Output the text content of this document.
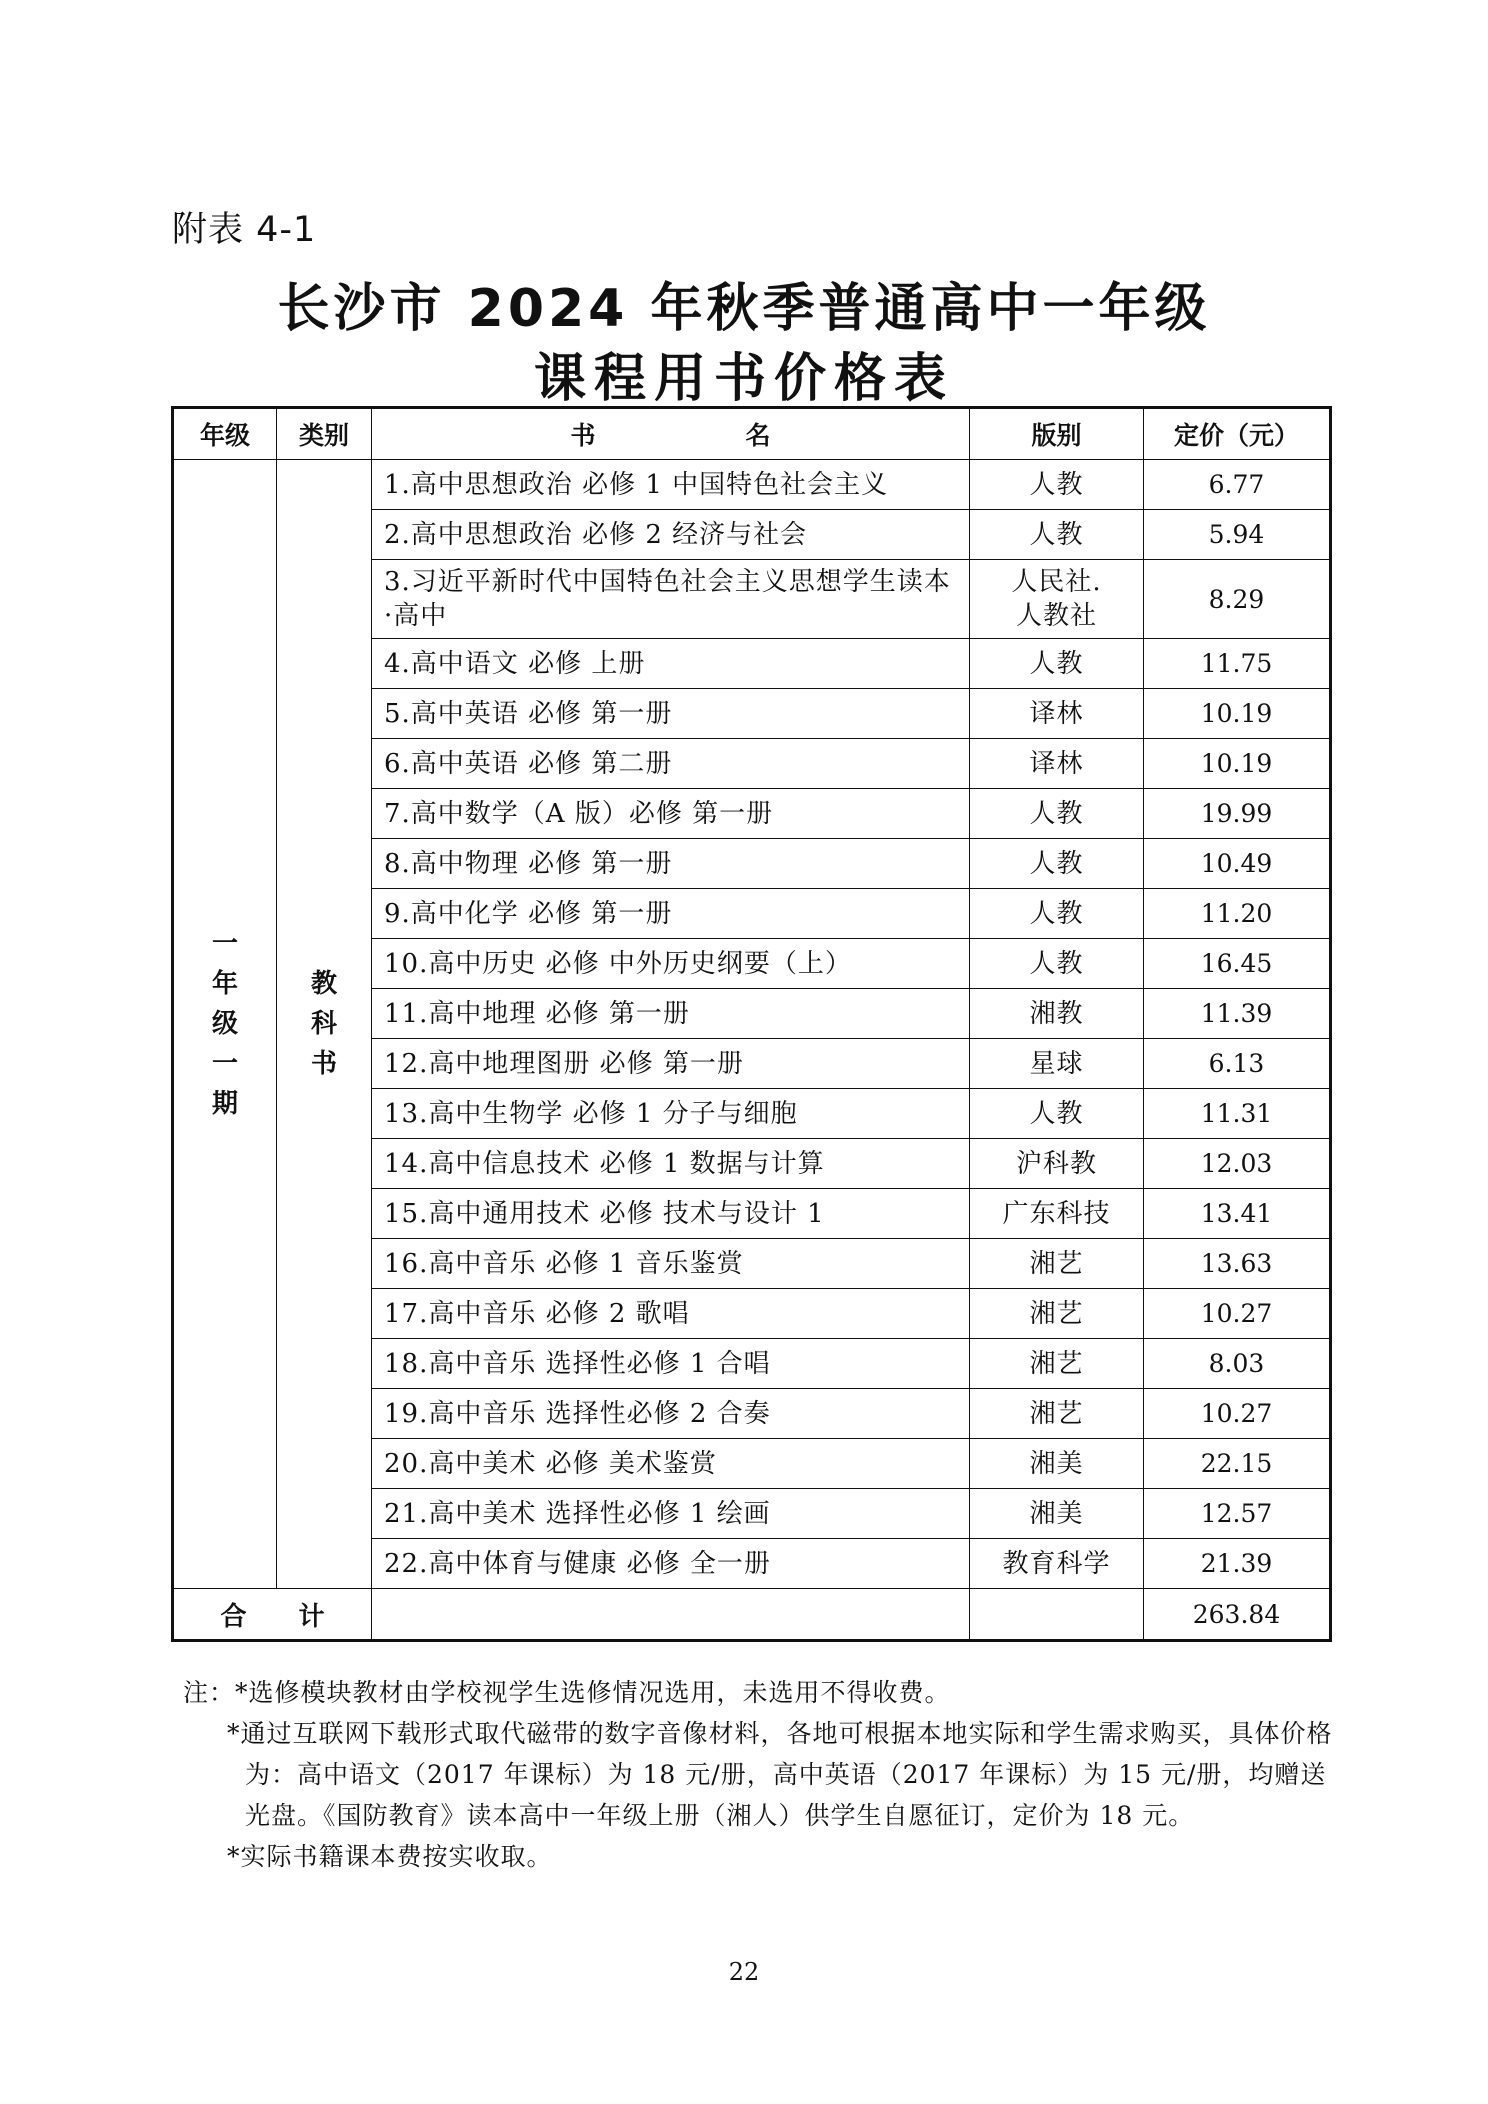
附表 4-1
长沙市 2024 年秋季普通高中一年级
课程用书价格表
年级	类别	书　　　　　　名	版别	定价（元）
一年级一期	教科书	1.高中思想政治 必修 1 中国特色社会主义	人教	6.77
		2.高中思想政治 必修 2 经济与社会	人教	5.94
		3.习近平新时代中国特色社会主义思想学生读本·高中	人民社.人教社	8.29
		4.高中语文 必修 上册	人教	11.75
		5.高中英语 必修 第一册	译林	10.19
		6.高中英语 必修 第二册	译林	10.19
		7.高中数学（A 版）必修 第一册	人教	19.99
		8.高中物理 必修 第一册	人教	10.49
		9.高中化学 必修 第一册	人教	11.20
		10.高中历史 必修 中外历史纲要（上）	人教	16.45
		11.高中地理 必修 第一册	湘教	11.39
		12.高中地理图册 必修 第一册	星球	6.13
		13.高中生物学 必修 1 分子与细胞	人教	11.31
		14.高中信息技术 必修 1 数据与计算	沪科教	12.03
		15.高中通用技术 必修 技术与设计 1	广东科技	13.41
		16.高中音乐 必修 1 音乐鉴赏	湘艺	13.63
		17.高中音乐 必修 2 歌唱	湘艺	10.27
		18.高中音乐 选择性必修 1 合唱	湘艺	8.03
		19.高中音乐 选择性必修 2 合奏	湘艺	10.27
		20.高中美术 必修 美术鉴赏	湘美	22.15
		21.高中美术 选择性必修 1 绘画	湘美	12.57
		22.高中体育与健康 必修 全一册	教育科学	21.39
合　　计				263.84
注：*选修模块教材由学校视学生选修情况选用，未选用不得收费。
*通过互联网下载形式取代磁带的数字音像材料，各地可根据本地实际和学生需求购买，具体价格为：高中语文（2017 年课标）为 18 元/册，高中英语（2017 年课标）为 15 元/册，均赠送光盘。《国防教育》读本高中一年级上册（湘人）供学生自愿征订，定价为 18 元。
*实际书籍课本费按实收取。
22
